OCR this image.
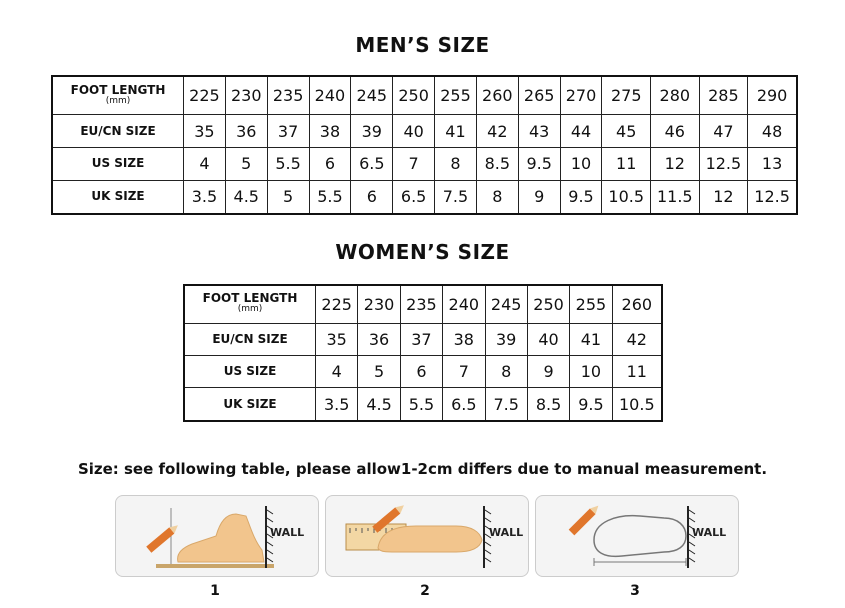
MEN’S SIZE
FOOT LENGTH
(mm)	225	230	235	240	245	250	255	260	265	270	275	280	285	290
EU/CN SIZE	35	36	37	38	39	40	41	42	43	44	45	46	47	48
US SIZE	4	5	5.5	6	6.5	7	8	8.5	9.5	10	11	12	12.5	13
UK SIZE	3.5	4.5	5	5.5	6	6.5	7.5	8	9	9.5	10.5	11.5	12	12.5
WOMEN’S SIZE
FOOT LENGTH
(mm)	225	230	235	240	245	250	255	260
EU/CN SIZE	35	36	37	38	39	40	41	42
US SIZE	4	5	6	7	8	9	10	11
UK SIZE	3.5	4.5	5.5	6.5	7.5	8.5	9.5	10.5
Size: see following table, please allow1-2cm differs due to manual measurement.
WALL	WALL	WALL
1	2	3
